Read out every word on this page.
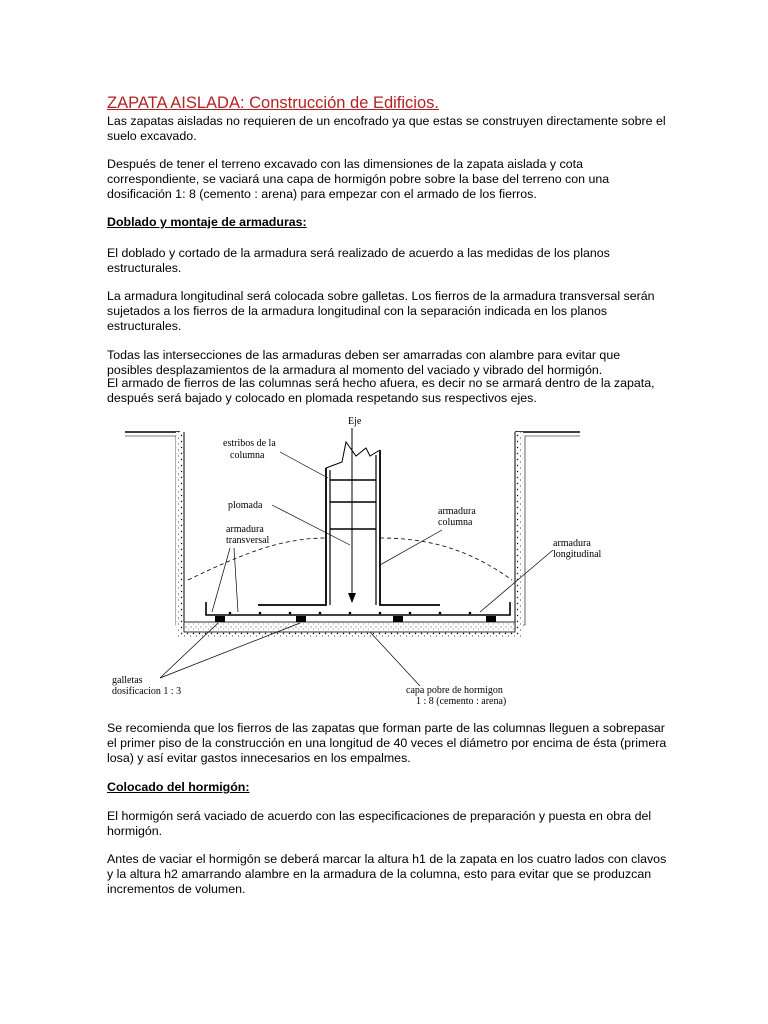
ZAPATA AISLADA: Construcción de Edificios.

Las zapatas aisladas no requieren de un encofrado ya que estas se construyen directamente sobre el suelo excavado.

Después de tener el terreno excavado con las dimensiones de la zapata aislada y cota correspondiente, se vaciará una capa de hormigón pobre sobre la base del terreno con una dosificación 1: 8 (cemento : arena) para empezar con el armado de los fierros.

Doblado y montaje de armaduras:

El doblado y cortado de la armadura será realizado de acuerdo a las medidas de los planos estructurales.

La armadura longitudinal será colocada sobre galletas. Los fierros de la armadura transversal serán sujetados a los fierros de la armadura longitudinal con la separación indicada en los planos estructurales.

Todas las intersecciones de las armaduras deben ser amarradas con alambre para evitar que posibles desplazamientos de la armadura al momento del vaciado y vibrado del hormigón.

El armado de fierros de las columnas será hecho afuera, es decir no se armará dentro de la zapata, después será bajado y colocado en plomada respetando sus respectivos ejes.

Eje
estribos de la
columna
plomada
armadura
transversal
armadura
columna
armadura
longitudinal
galletas
dosificacion 1 : 3	capa pobre de hormigon
1 : 8 (cemento : arena)

Se recomienda que los fierros de las zapatas que forman parte de las columnas lleguen a sobrepasar el primer piso de la construcción en una longitud de 40 veces el diámetro por encima de ésta (primera losa) y así evitar gastos innecesarios en los empalmes.

Colocado del hormigón:

El hormigón será vaciado de acuerdo con las especificaciones de preparación y puesta en obra del hormigón.

Antes de vaciar el hormigón se deberá marcar la altura h1 de la zapata en los cuatro lados con clavos y la altura h2 amarrando alambre en la armadura de la columna, esto para evitar que se produzcan incrementos de volumen.
